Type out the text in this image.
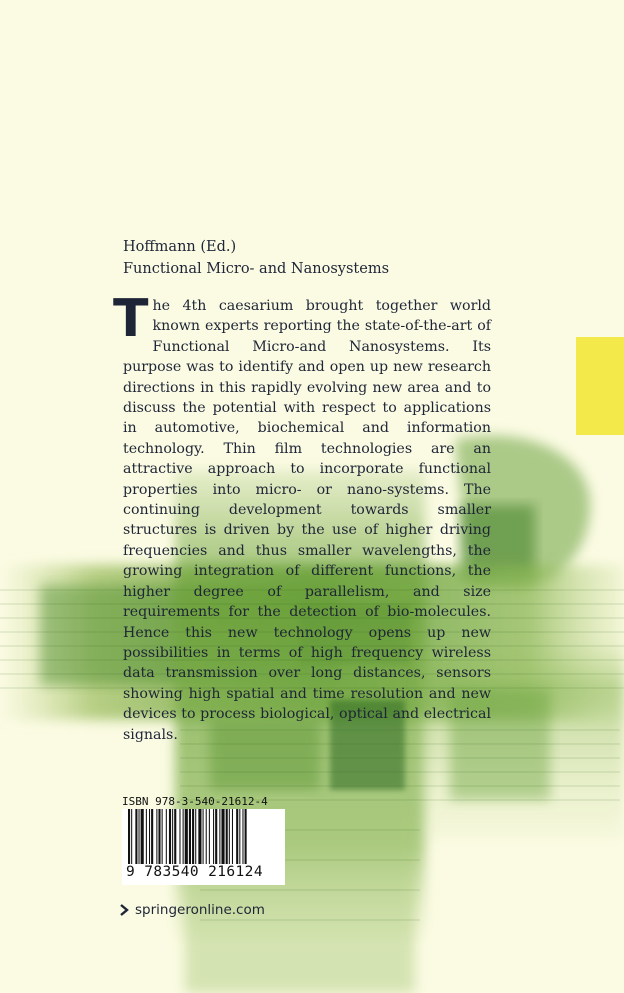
Hoffmann (Ed.)
Functional Micro- and Nanosystems
The 4th caesarium brought together world known experts reporting the state-of-the-art of Functional Micro-and Nanosystems. Its purpose was to identify and open up new research directions in this rapidly evolving new area and to discuss the potential with respect to applications in automotive, biochemical and information technology. Thin film technologies are an attractive approach to incorporate functional properties into micro- or nano-systems. The continuing development towards smaller structures is driven by the use of higher driving frequencies and thus smaller wavelengths, the growing integration of different functions, the higher degree of parallelism, and size requirements for the detection of bio-molecules. Hence this new technology opens up new possibilities in terms of high frequency wireless data transmission over long distances, sensors showing high spatial and time resolution and new devices to process biological, optical and electrical signals.
ISBN 978-3-540-21612-4
9 783540 216124
springeronline.com
